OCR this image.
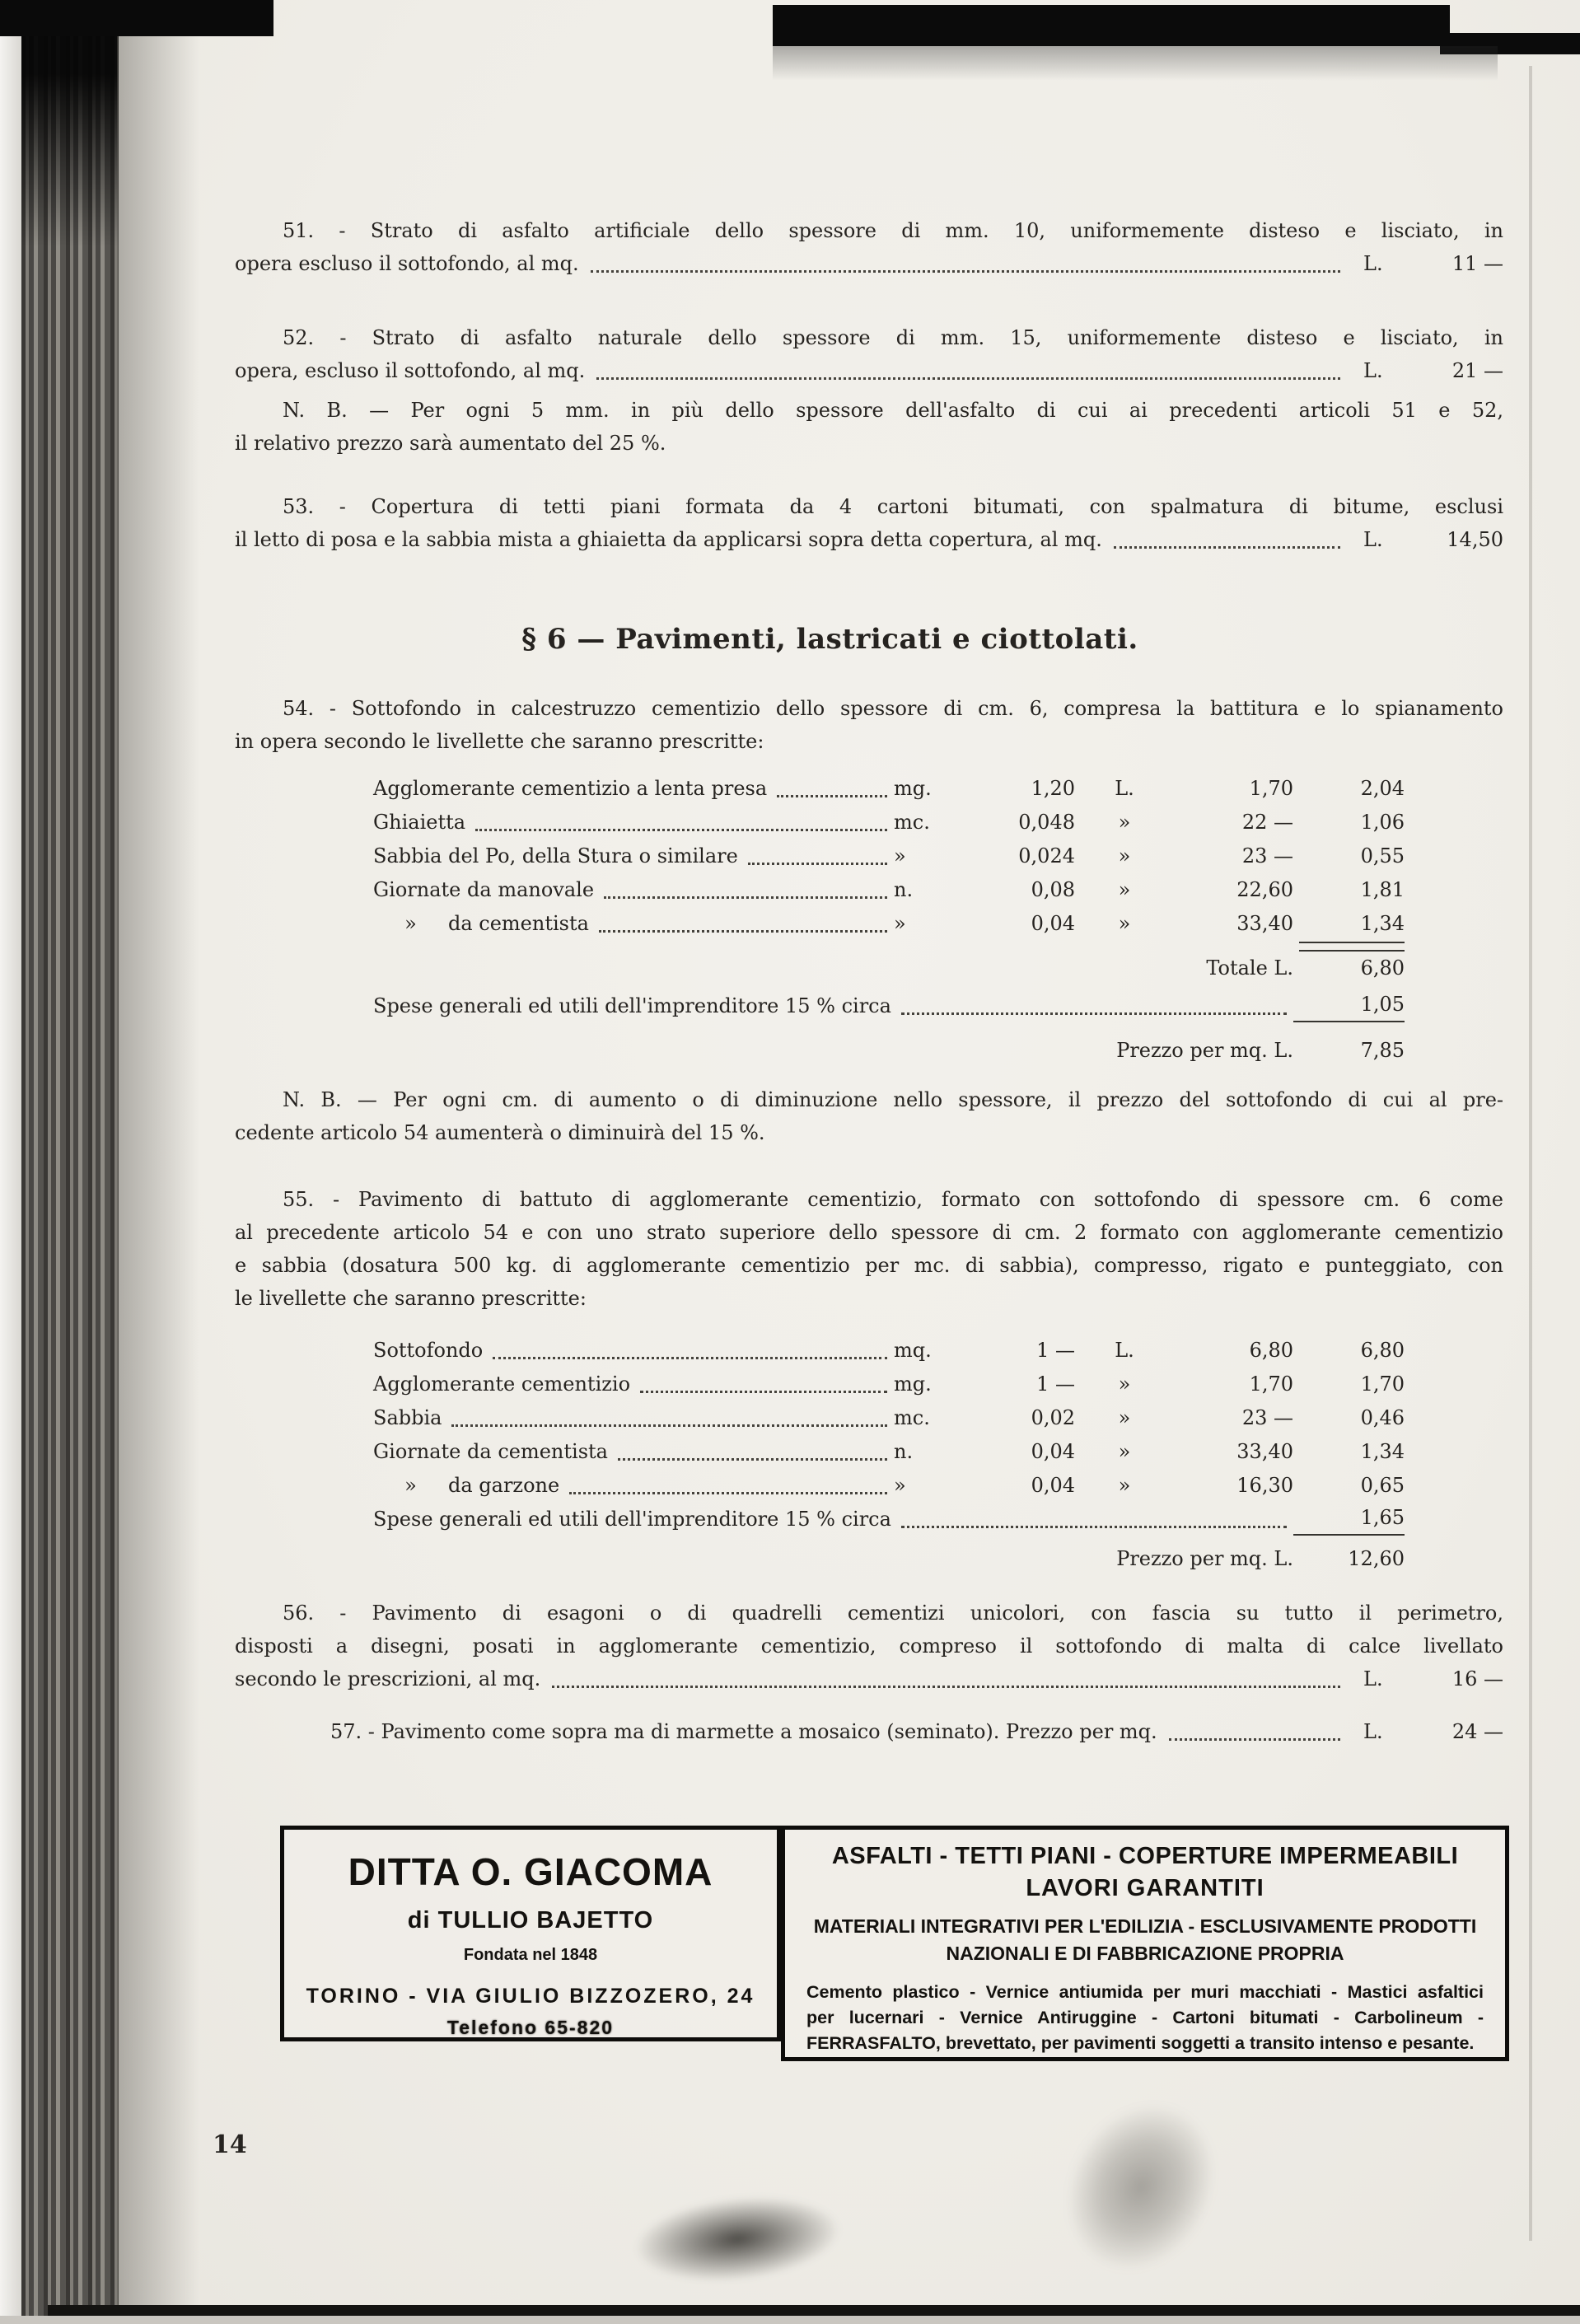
51. - Strato di asfalto artificiale dello spessore di mm. 10, uniformemente disteso e lisciato, in
opera escluso il sottofondo, al mq.	L.	11 —
52. - Strato di asfalto naturale dello spessore di mm. 15, uniformemente disteso e lisciato, in
opera, escluso il sottofondo, al mq.	L.	21 —
N. B. — Per ogni 5 mm. in più dello spessore dell'asfalto di cui ai precedenti articoli 51 e 52,
il relativo prezzo sarà aumentato del 25 %.
53. - Copertura di tetti piani formata da 4 cartoni bitumati, con spalmatura di bitume, esclusi
il letto di posa e la sabbia mista a ghiaietta da applicarsi sopra detta copertura, al mq.	L.	14,50
§ 6 — Pavimenti, lastricati e ciottolati.
54. - Sottofondo in calcestruzzo cementizio dello spessore di cm. 6, compresa la battitura e lo spianamento
in opera secondo le livellette che saranno prescritte:
Agglomerante cementizio a lenta presa	mg.	1,20	L.	1,70	2,04
Ghiaietta	mc.	0,048	»	22 —	1,06
Sabbia del Po, della Stura o similare	»	0,024	»	23 —	0,55
Giornate da manovale	n.	0,08	»	22,60	1,81
»     da cementista	»	0,04	»	33,40	1,34
Totale L.	6,80
Spese generali ed utili dell'imprenditore 15 % circa	1,05
Prezzo per mq. L.	7,85
N. B. — Per ogni cm. di aumento o di diminuzione nello spessore, il prezzo del sottofondo di cui al pre-
cedente articolo 54 aumenterà o diminuirà del 15 %.
55. - Pavimento di battuto di agglomerante cementizio, formato con sottofondo di spessore cm. 6 come
al precedente articolo 54 e con uno strato superiore dello spessore di cm. 2 formato con agglomerante cementizio
e sabbia (dosatura 500 kg. di agglomerante cementizio per mc. di sabbia), compresso, rigato e punteggiato, con
le livellette che saranno prescritte:
Sottofondo	mq.	1 —	L.	6,80	6,80
Agglomerante cementizio	mg.	1 —	»	1,70	1,70
Sabbia	mc.	0,02	»	23 —	0,46
Giornate da cementista	n.	0,04	»	33,40	1,34
»     da garzone	»	0,04	»	16,30	0,65
Spese generali ed utili dell'imprenditore 15 % circa	1,65
Prezzo per mq. L.	12,60
56. - Pavimento di esagoni o di quadrelli cementizi unicolori, con fascia su tutto il perimetro,
disposti a disegni, posati in agglomerante cementizio, compreso il sottofondo di malta di calce livellato
secondo le prescrizioni, al mq.	L.	16 —
57. - Pavimento come sopra ma di marmette a mosaico (seminato). Prezzo per mq.	L.	24 —
DITTA O. GIACOMA
di TULLIO BAJETTO
Fondata nel 1848
TORINO - VIA GIULIO BIZZOZERO, 24
Telefono 65-820
ASFALTI - TETTI PIANI - COPERTURE IMPERMEABILI
LAVORI GARANTITI
MATERIALI INTEGRATIVI PER L'EDILIZIA - ESCLUSIVAMENTE PRODOTTI
NAZIONALI E DI FABBRICAZIONE PROPRIA
Cemento plastico - Vernice antiumida per muri macchiati - Mastici asfaltici
per lucernari - Vernice Antiruggine - Cartoni bitumati - Carbolineum -
FERRASFALTO, brevettato, per pavimenti soggetti a transito intenso e pesante.
14
